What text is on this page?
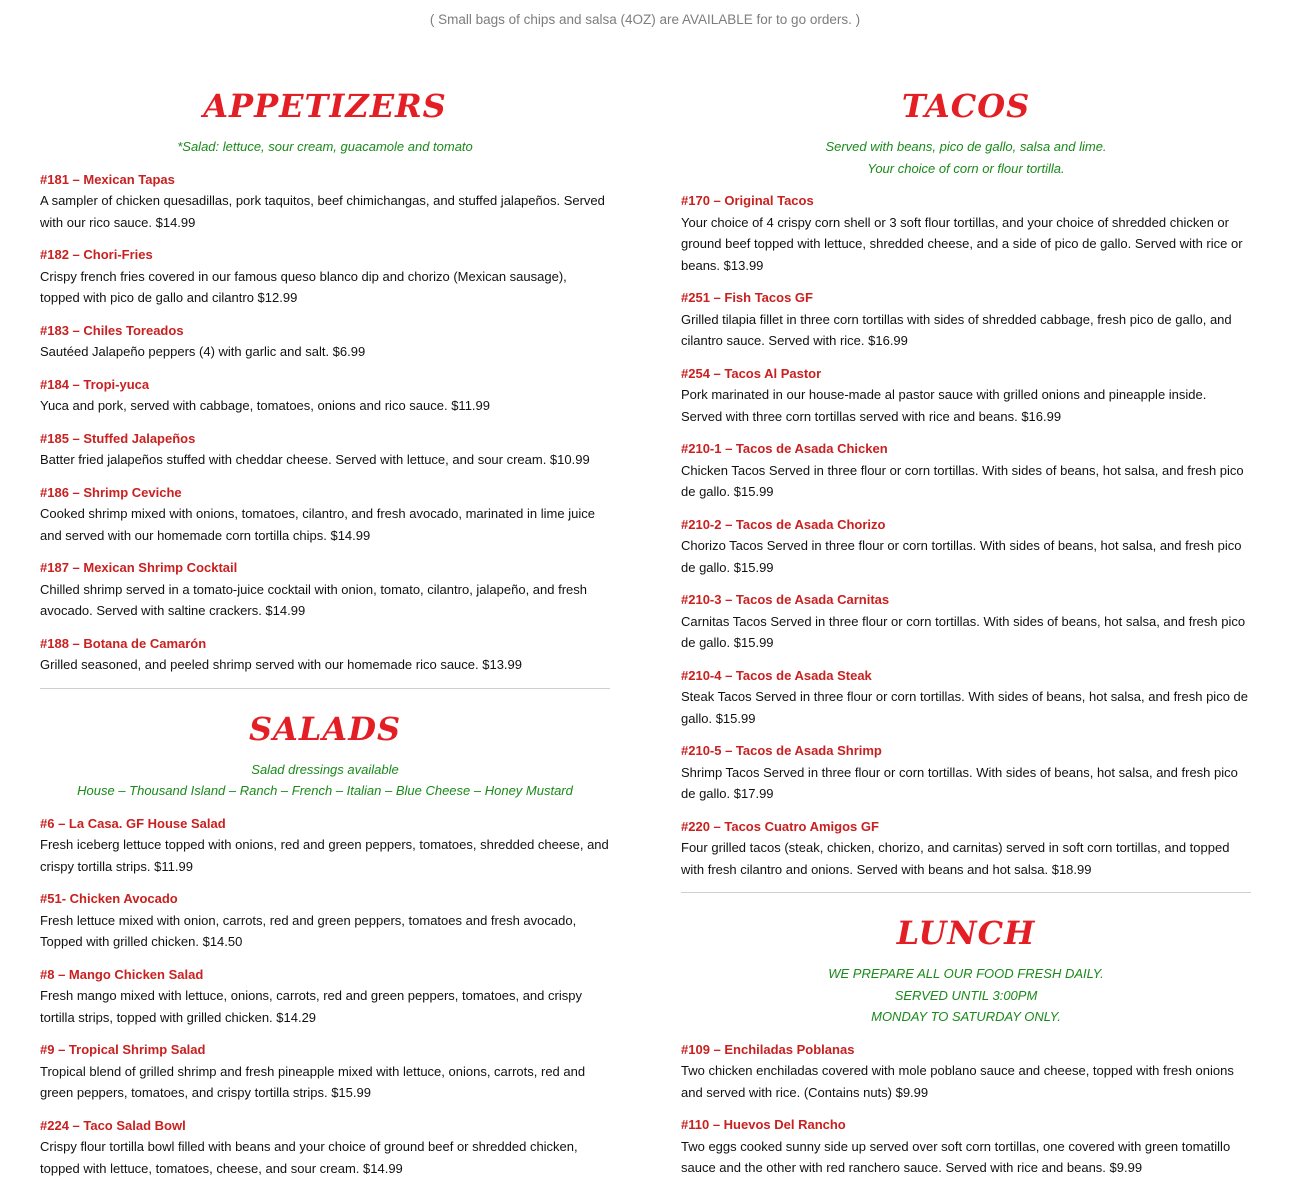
( Small bags of chips and salsa (4OZ) are AVAILABLE for to go orders. )
APPETIZERS
*Salad: lettuce, sour cream, guacamole and tomato
#181 – Mexican Tapas
A sampler of chicken quesadillas, pork taquitos, beef chimichangas, and stuffed jalapeños. Served with our rico sauce. $14.99
#182 – Chori-Fries
Crispy french fries covered in our famous queso blanco dip and chorizo (Mexican sausage), topped with pico de gallo and cilantro $12.99
#183 – Chiles Toreados
Sautéed Jalapeño peppers (4) with garlic and salt. $6.99
#184 – Tropi-yuca
Yuca and pork, served with cabbage, tomatoes, onions and rico sauce. $11.99
#185 – Stuffed Jalapeños
Batter fried jalapeños stuffed with cheddar cheese. Served with lettuce, and sour cream. $10.99
#186 – Shrimp Ceviche
Cooked shrimp mixed with onions, tomatoes, cilantro, and fresh avocado, marinated in lime juice and served with our homemade corn tortilla chips. $14.99
#187 – Mexican Shrimp Cocktail
Chilled shrimp served in a tomato-juice cocktail with onion, tomato, cilantro, jalapeño, and fresh avocado. Served with saltine crackers. $14.99
#188 – Botana de Camarón
Grilled seasoned, and peeled shrimp served with our homemade rico sauce. $13.99
SALADS
Salad dressings available
House – Thousand Island – Ranch – French – Italian – Blue Cheese – Honey Mustard
#6 – La Casa. GF House Salad
Fresh iceberg lettuce topped with onions, red and green peppers, tomatoes, shredded cheese, and crispy tortilla strips. $11.99
#51- Chicken Avocado
Fresh lettuce mixed with onion, carrots, red and green peppers, tomatoes and fresh avocado, Topped with grilled chicken. $14.50
#8 – Mango Chicken Salad
Fresh mango mixed with lettuce, onions, carrots, red and green peppers, tomatoes, and crispy tortilla strips, topped with grilled chicken. $14.29
#9 – Tropical Shrimp Salad
Tropical blend of grilled shrimp and fresh pineapple mixed with lettuce, onions, carrots, red and green peppers, tomatoes, and crispy tortilla strips. $15.99
#224 – Taco Salad Bowl
Crispy flour tortilla bowl filled with beans and your choice of ground beef or shredded chicken, topped with lettuce, tomatoes, cheese, and sour cream. $14.99
TACOS
Served with beans, pico de gallo, salsa and lime.
Your choice of corn or flour tortilla.
#170 – Original Tacos
Your choice of 4 crispy corn shell or 3 soft flour tortillas, and your choice of shredded chicken or ground beef topped with lettuce, shredded cheese, and a side of pico de gallo. Served with rice or beans. $13.99
#251 – Fish Tacos GF
Grilled tilapia fillet in three corn tortillas with sides of shredded cabbage, fresh pico de gallo, and cilantro sauce. Served with rice. $16.99
#254 – Tacos Al Pastor
Pork marinated in our house-made al pastor sauce with grilled onions and pineapple inside. Served with three corn tortillas served with rice and beans. $16.99
#210-1 – Tacos de Asada Chicken
Chicken Tacos Served in three flour or corn tortillas. With sides of beans, hot salsa, and fresh pico de gallo. $15.99
#210-2 – Tacos de Asada Chorizo
Chorizo Tacos Served in three flour or corn tortillas. With sides of beans, hot salsa, and fresh pico de gallo. $15.99
#210-3 – Tacos de Asada Carnitas
Carnitas Tacos Served in three flour or corn tortillas. With sides of beans, hot salsa, and fresh pico de gallo. $15.99
#210-4 – Tacos de Asada Steak
Steak Tacos Served in three flour or corn tortillas. With sides of beans, hot salsa, and fresh pico de gallo. $15.99
#210-5 – Tacos de Asada Shrimp
Shrimp Tacos Served in three flour or corn tortillas. With sides of beans, hot salsa, and fresh pico de gallo. $17.99
#220 – Tacos Cuatro Amigos GF
Four grilled tacos (steak, chicken, chorizo, and carnitas) served in soft corn tortillas, and topped with fresh cilantro and onions. Served with beans and hot salsa. $18.99
LUNCH
WE PREPARE ALL OUR FOOD FRESH DAILY.
SERVED UNTIL 3:00PM
MONDAY TO SATURDAY ONLY.
#109 – Enchiladas Poblanas
Two chicken enchiladas covered with mole poblano sauce and cheese, topped with fresh onions and served with rice. (Contains nuts) $9.99
#110 – Huevos Del Rancho
Two eggs cooked sunny side up served over soft corn tortillas, one covered with green tomatillo sauce and the other with red ranchero sauce. Served with rice and beans. $9.99
